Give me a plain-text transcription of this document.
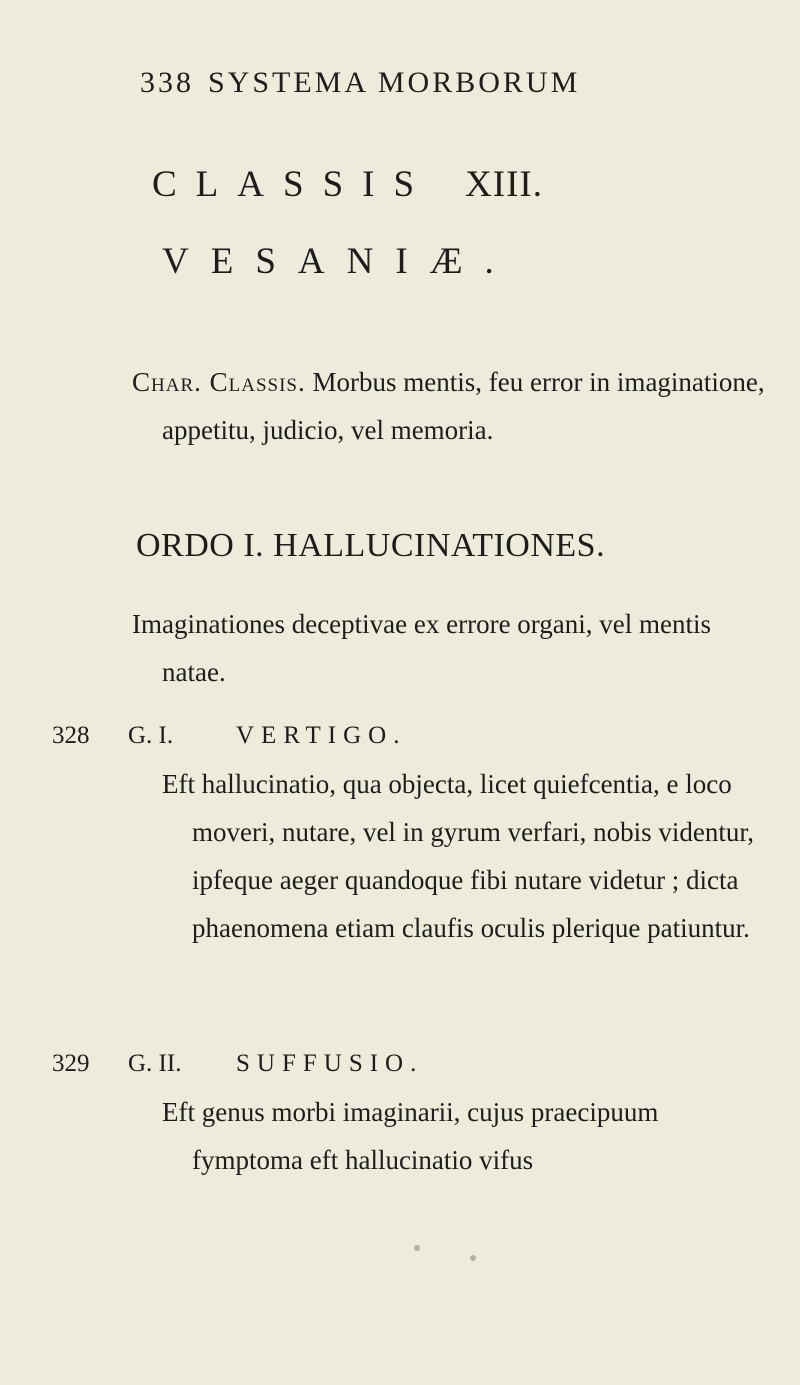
338 SYSTEMA MORBORUM
CLASSIS XIII.
VESANIÆ.
Char. Classis. Morbus mentis, feu error in imaginatione, appetitu, judicio, vel memoria.
ORDO I. HALLUCINATIONES.
Imaginationes deceptivae ex errore organi, vel mentis natae.
328 G. I.	VERTIGO.
Eft hallucinatio, qua objecta, licet quiefcentia, e loco moveri, nutare, vel in gyrum verfari, nobis videntur, ipfeque aeger quandoque fibi nutare videtur ; dicta phaenomena etiam claufis oculis plerique patiuntur.
329 G. II. SUFFUSIO.
Eft genus morbi imaginarii, cujus praecipuum fymptoma eft hallucinatio vifus
